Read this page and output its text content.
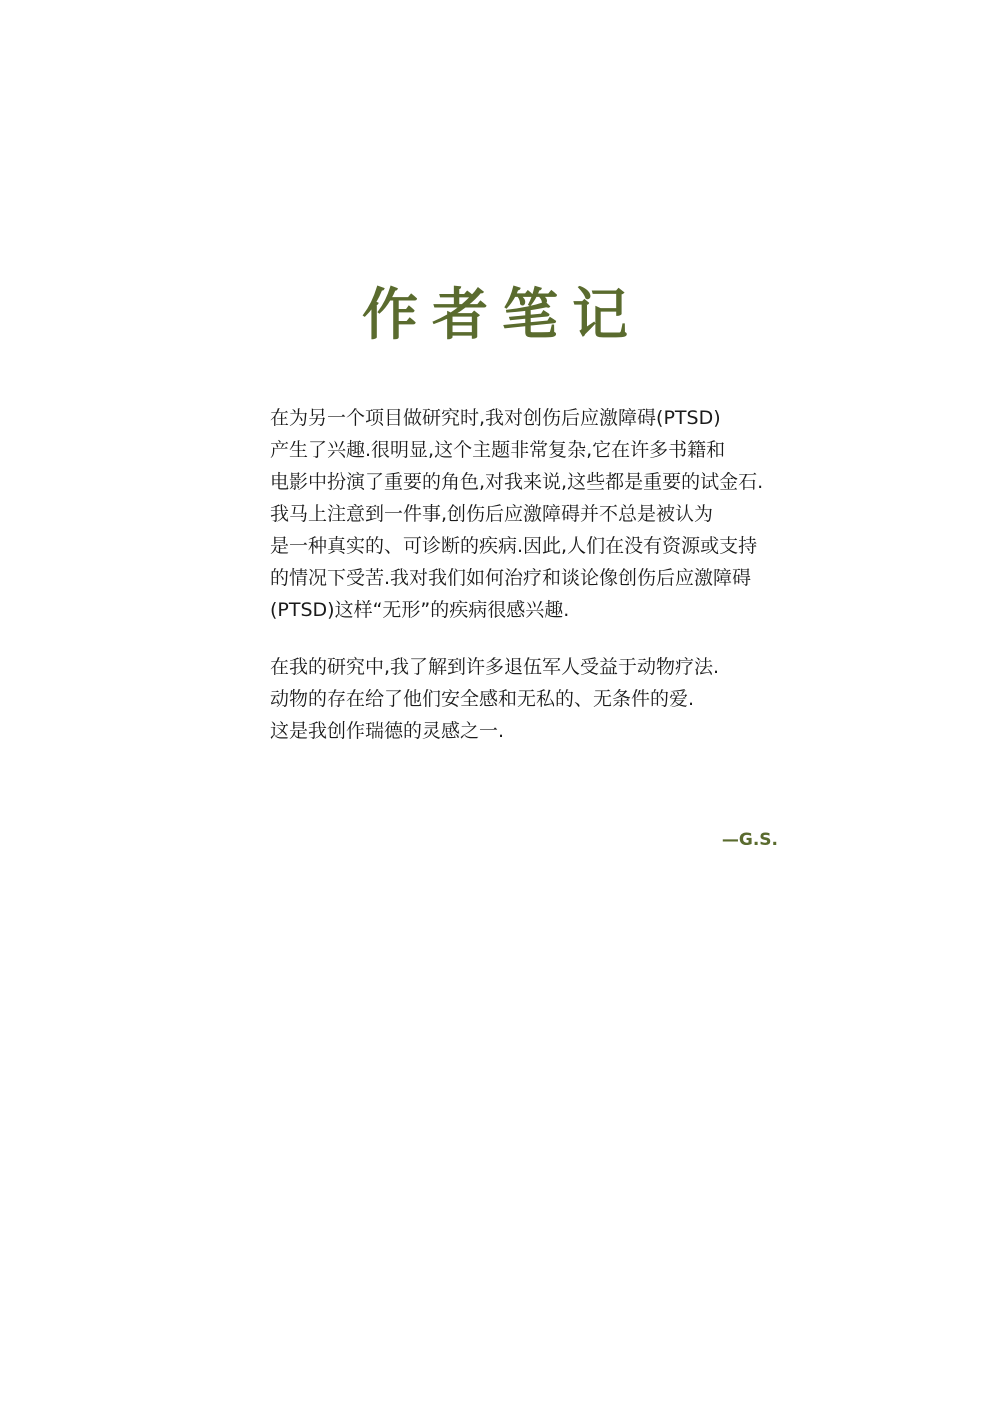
作者笔记
在为另一个项目做研究时,我对创伤后应激障碍(PTSD)
产生了兴趣.很明显,这个主题非常复杂,它在许多书籍和
电影中扮演了重要的角色,对我来说,这些都是重要的试金石.
我马上注意到一件事,创伤后应激障碍并不总是被认为
是一种真实的、可诊断的疾病.因此,人们在没有资源或支持
的情况下受苦.我对我们如何治疗和谈论像创伤后应激障碍
(PTSD)这样“无形”的疾病很感兴趣.
在我的研究中,我了解到许多退伍军人受益于动物疗法.
动物的存在给了他们安全感和无私的、无条件的爱.
这是我创作瑞德的灵感之一.
—G.S.
